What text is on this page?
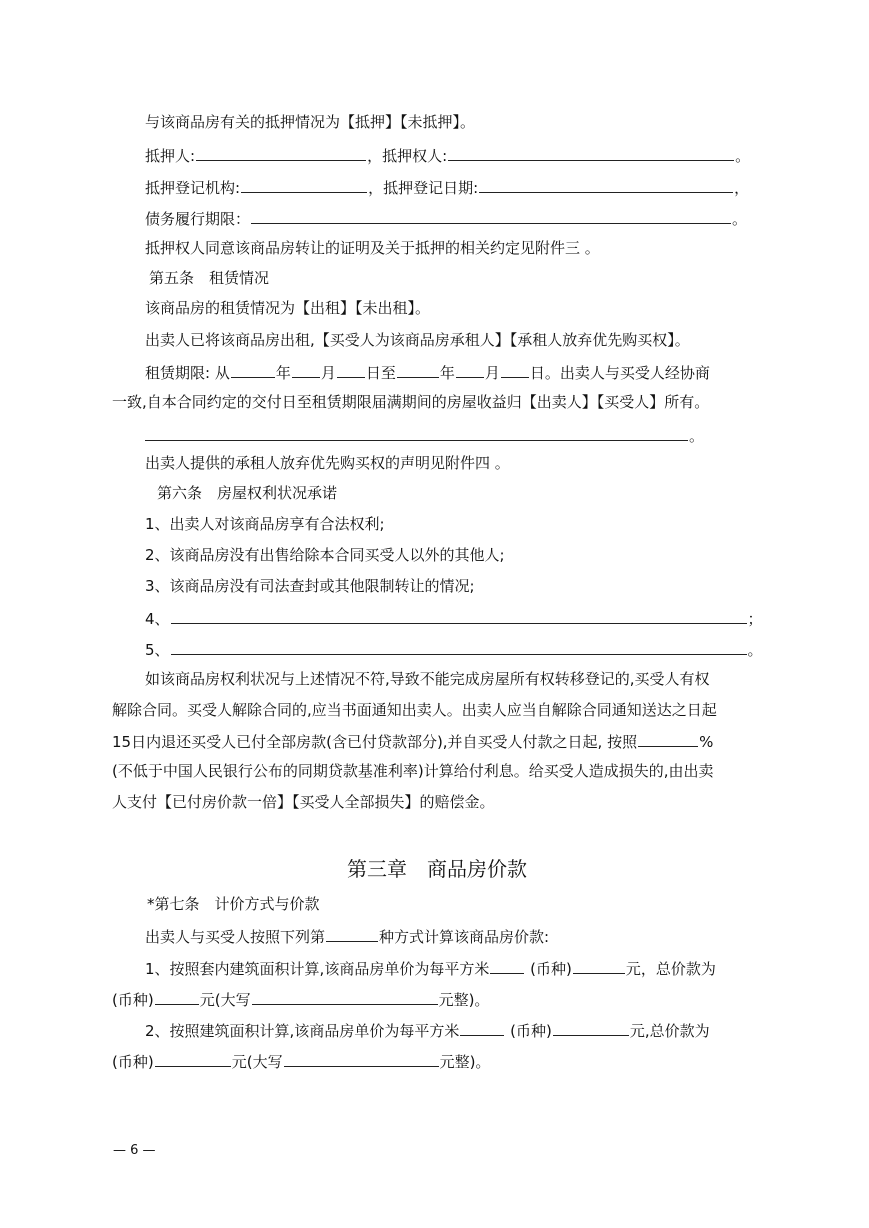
与该商品房有关的抵押情况为【抵押】【未抵押】。
抵押人:	，抵押权人:	。
抵押登记机构:	，抵押登记日期:	，
债务履行期限：	。
抵押权人同意该商品房转让的证明及关于抵押的相关约定见附件三 。
第五条　租赁情况
该商品房的租赁情况为【出租】【未出租】。
出卖人已将该商品房出租,【买受人为该商品房承租人】【承租人放弃优先购买权】。
租赁期限: 从	年 月 日至	年 月 日。出卖人与买受人经协商
一致,自本合同约定的交付日至租赁期限届满期间的房屋收益归【出卖人】【买受人】所有。
。
出卖人提供的承租人放弃优先购买权的声明见附件四 。
第六条　房屋权利状况承诺
1、出卖人对该商品房享有合法权利;
2、该商品房没有出售给除本合同买受人以外的其他人;
3、该商品房没有司法查封或其他限制转让的情况;
4、	；
5、	。
如该商品房权利状况与上述情况不符,导致不能完成房屋所有权转移登记的,买受人有权
解除合同。买受人解除合同的,应当书面通知出卖人。出卖人应当自解除合同通知送达之日起
15日内退还买受人已付全部房款(含已付贷款部分),并自买受人付款之日起, 按照	%
(不低于中国人民银行公布的同期贷款基准利率)计算给付利息。给买受人造成损失的,由出卖
人支付【已付房价款一倍】【买受人全部损失】的赔偿金。
第三章　商品房价款
*第七条　计价方式与价款
出卖人与买受人按照下列第	种方式计算该商品房价款:
1、按照套内建筑面积计算,该商品房单价为每平方米	(币种)	元，总价款为
(币种)	元(大写	元整)。
2、按照建筑面积计算,该商品房单价为每平方米	(币种)	元,总价款为
(币种)	元(大写	元整)。
— 6 —
